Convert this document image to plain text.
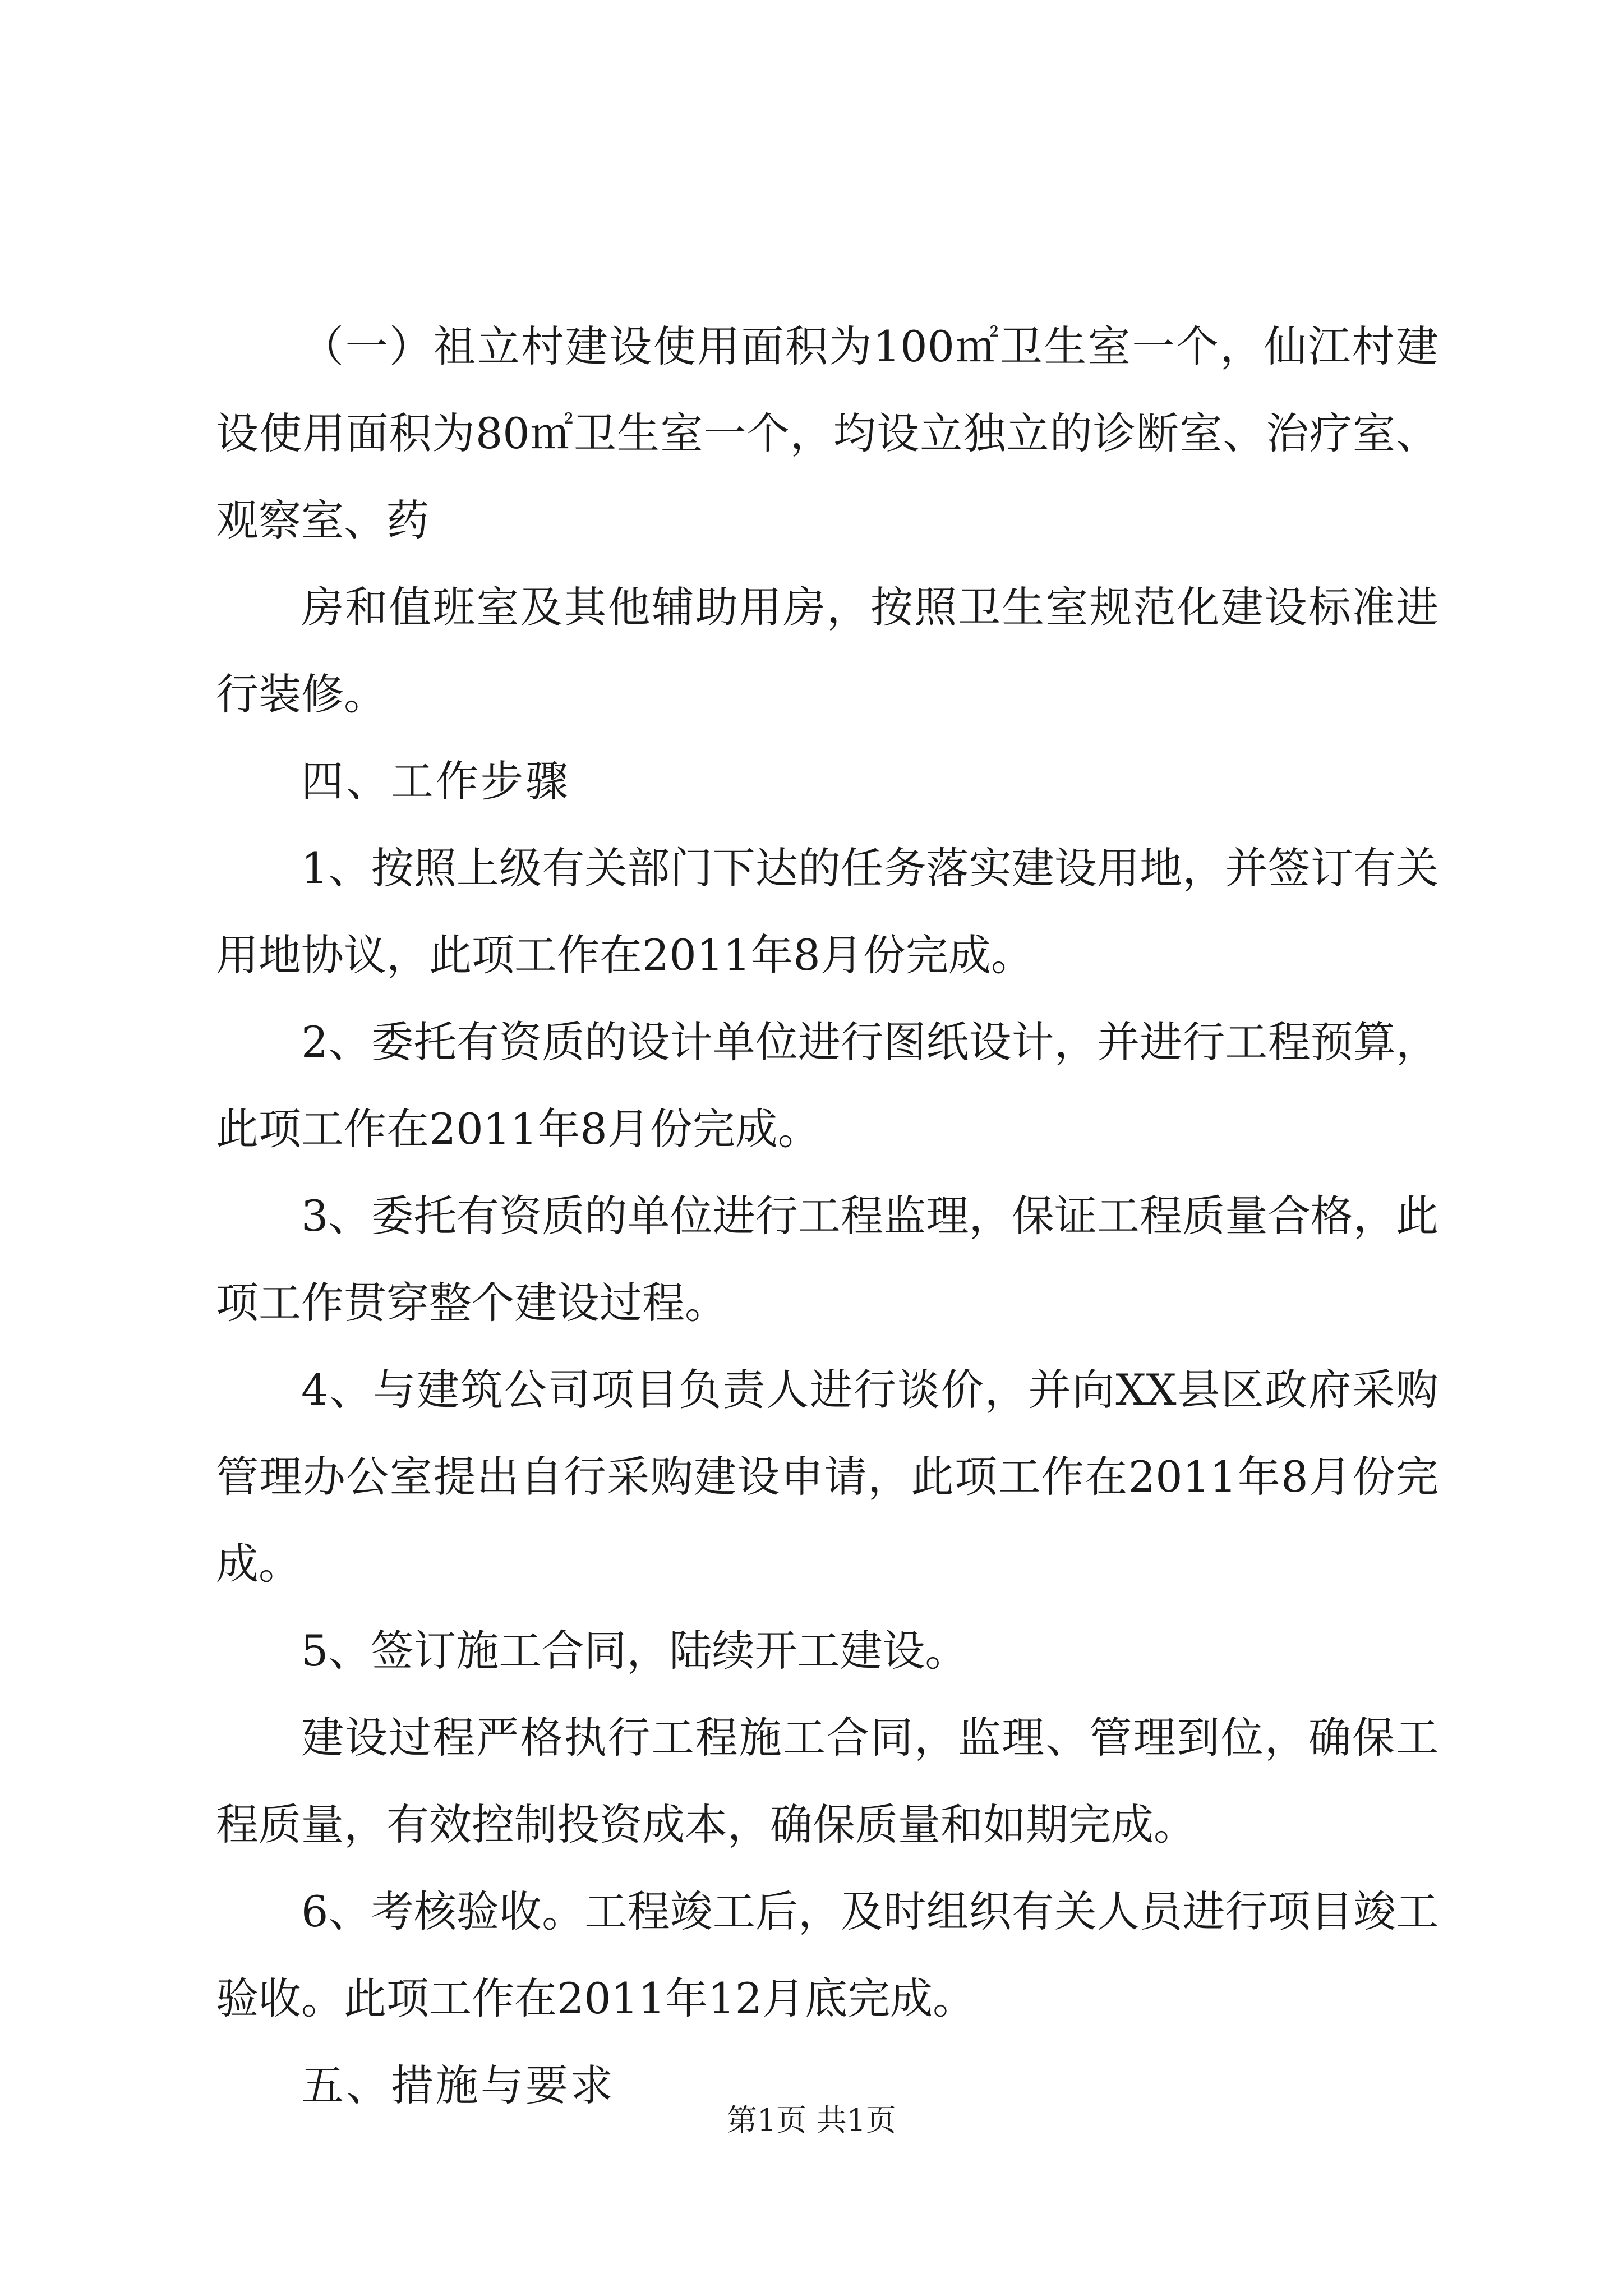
（一）祖立村建设使用面积为100㎡卫生室一个，仙江村建设使用面积为80㎡卫生室一个，均设立独立的诊断室、治疗室、观察室、药

房和值班室及其他辅助用房，按照卫生室规范化建设标准进行装修。

四、工作步骤

1、按照上级有关部门下达的任务落实建设用地，并签订有关用地协议，此项工作在2011年8月份完成。

2、委托有资质的设计单位进行图纸设计，并进行工程预算，此项工作在2011年8月份完成。

3、委托有资质的单位进行工程监理，保证工程质量合格，此项工作贯穿整个建设过程。

4、与建筑公司项目负责人进行谈价，并向XX县区政府采购管理办公室提出自行采购建设申请，此项工作在2011年8月份完成。

5、签订施工合同，陆续开工建设。

建设过程严格执行工程施工合同，监理、管理到位，确保工程质量，有效控制投资成本，确保质量和如期完成。

6、考核验收。工程竣工后，及时组织有关人员进行项目竣工验收。此项工作在2011年12月底完成。

五、措施与要求

第1页 共1页
